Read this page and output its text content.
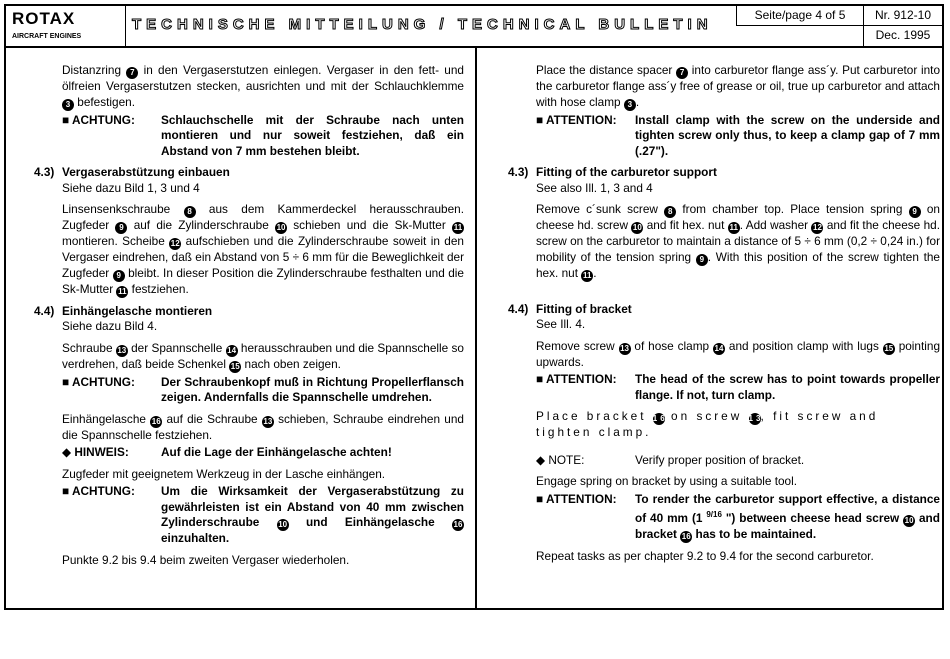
ROTAX
AIRCRAFT ENGINES
TECHNISCHE MITTEILUNG / TECHNICAL BULLETIN
Seite/page 4 of 5	Nr. 912-10
Dec. 1995

Distanzring 7 in den Vergaserstutzen einlegen. Vergaser in den fett- und ölfreien Vergaserstutzen stecken, ausrichten und mit der Schlauchklemme 3 befestigen.

■ ACHTUNG:	Schlauchschelle mit der Schraube nach unten montieren und nur soweit festziehen, daß ein Abstand von 7 mm bestehen bleibt.
4.3) Vergaserabstützung einbauen

Siehe dazu Bild 1, 3 und 4

Linsensenkschraube 8 aus dem Kammerdeckel herausschrauben. Zugfeder 9 auf die Zylinderschraube 10 schieben und die Sk-Mutter 11 montieren. Scheibe 12 aufschieben und die Zylinderschraube soweit in den Vergaser eindrehen, daß ein Abstand von 5 ÷ 6 mm für die Beweglichkeit der Zugfeder 9 bleibt. In dieser Position die Zylinderschraube festhalten und die Sk-Mutter 11 festziehen.

4.4) Einhängelasche montieren

Siehe dazu Bild 4.

Schraube 13 der Spannschelle 14 herausschrauben und die Spannschelle so verdrehen, daß beide Schenkel 15 nach oben zeigen.

■ ACHTUNG:	Der Schraubenkopf muß in Richtung Propellerflansch zeigen. Andernfalls die Spannschelle umdrehen.

Einhängelasche 16 auf die Schraube 13 schieben, Schraube eindrehen und die Spannschelle festziehen.

◆ HINWEIS:	Auf die Lage der Einhängelasche achten!

Zugfeder mit geeignetem Werkzeug in der Lasche einhängen.

■ ACHTUNG:	Um die Wirksamkeit der Vergaserabstützung zu gewährleisten ist ein Abstand von 40 mm zwischen Zylinderschraube 10 und Einhängelasche 16 einzuhalten.

Punkte 9.2 bis 9.4 beim zweiten Vergaser wiederholen.

Place the distance spacer 7 into carburetor flange ass´y. Put carburetor into the carburetor flange ass´y free of grease or oil, true up carburetor and attach with hose clamp 3 .

■ ATTENTION:	Install clamp with the screw on the underside and tighten screw only thus, to keep a clamp gap of 7 mm (.27").
4.3) Fitting of the carburetor support

See also Ill. 1, 3 and 4

Remove c´sunk screw 8 from chamber top. Place tension spring 9 on cheese hd. screw 10 and fit hex. nut 11 . Add washer 12 and fit the cheese hd. screw on the carburetor to maintain a distance of 5 ÷ 6 mm (0,2 ÷ 0,24 in.) for mobility of the tension spring 9 . With this position of the screw tighten the hex. nut 11 .

4.4) Fitting of bracket

See Ill. 4.

Remove screw 13 of hose clamp 14 and position clamp with lugs 15 pointing upwards.

■ ATTENTION:	The head of the screw has to point towards propeller flange. If not, turn clamp.

Place bracket 16 on screw 13, fit screw and tighten clamp.

◆ NOTE:	Verify proper position of bracket.

Engage spring on bracket by using a suitable tool.

■ ATTENTION:	To render the carburetor support effective, a distance of 40 mm (1 $^{9/16}$ ") between cheese head screw 10 and bracket 16 has to be maintained.

Repeat tasks as per chapter 9.2 to 9.4 for the second carburetor.
